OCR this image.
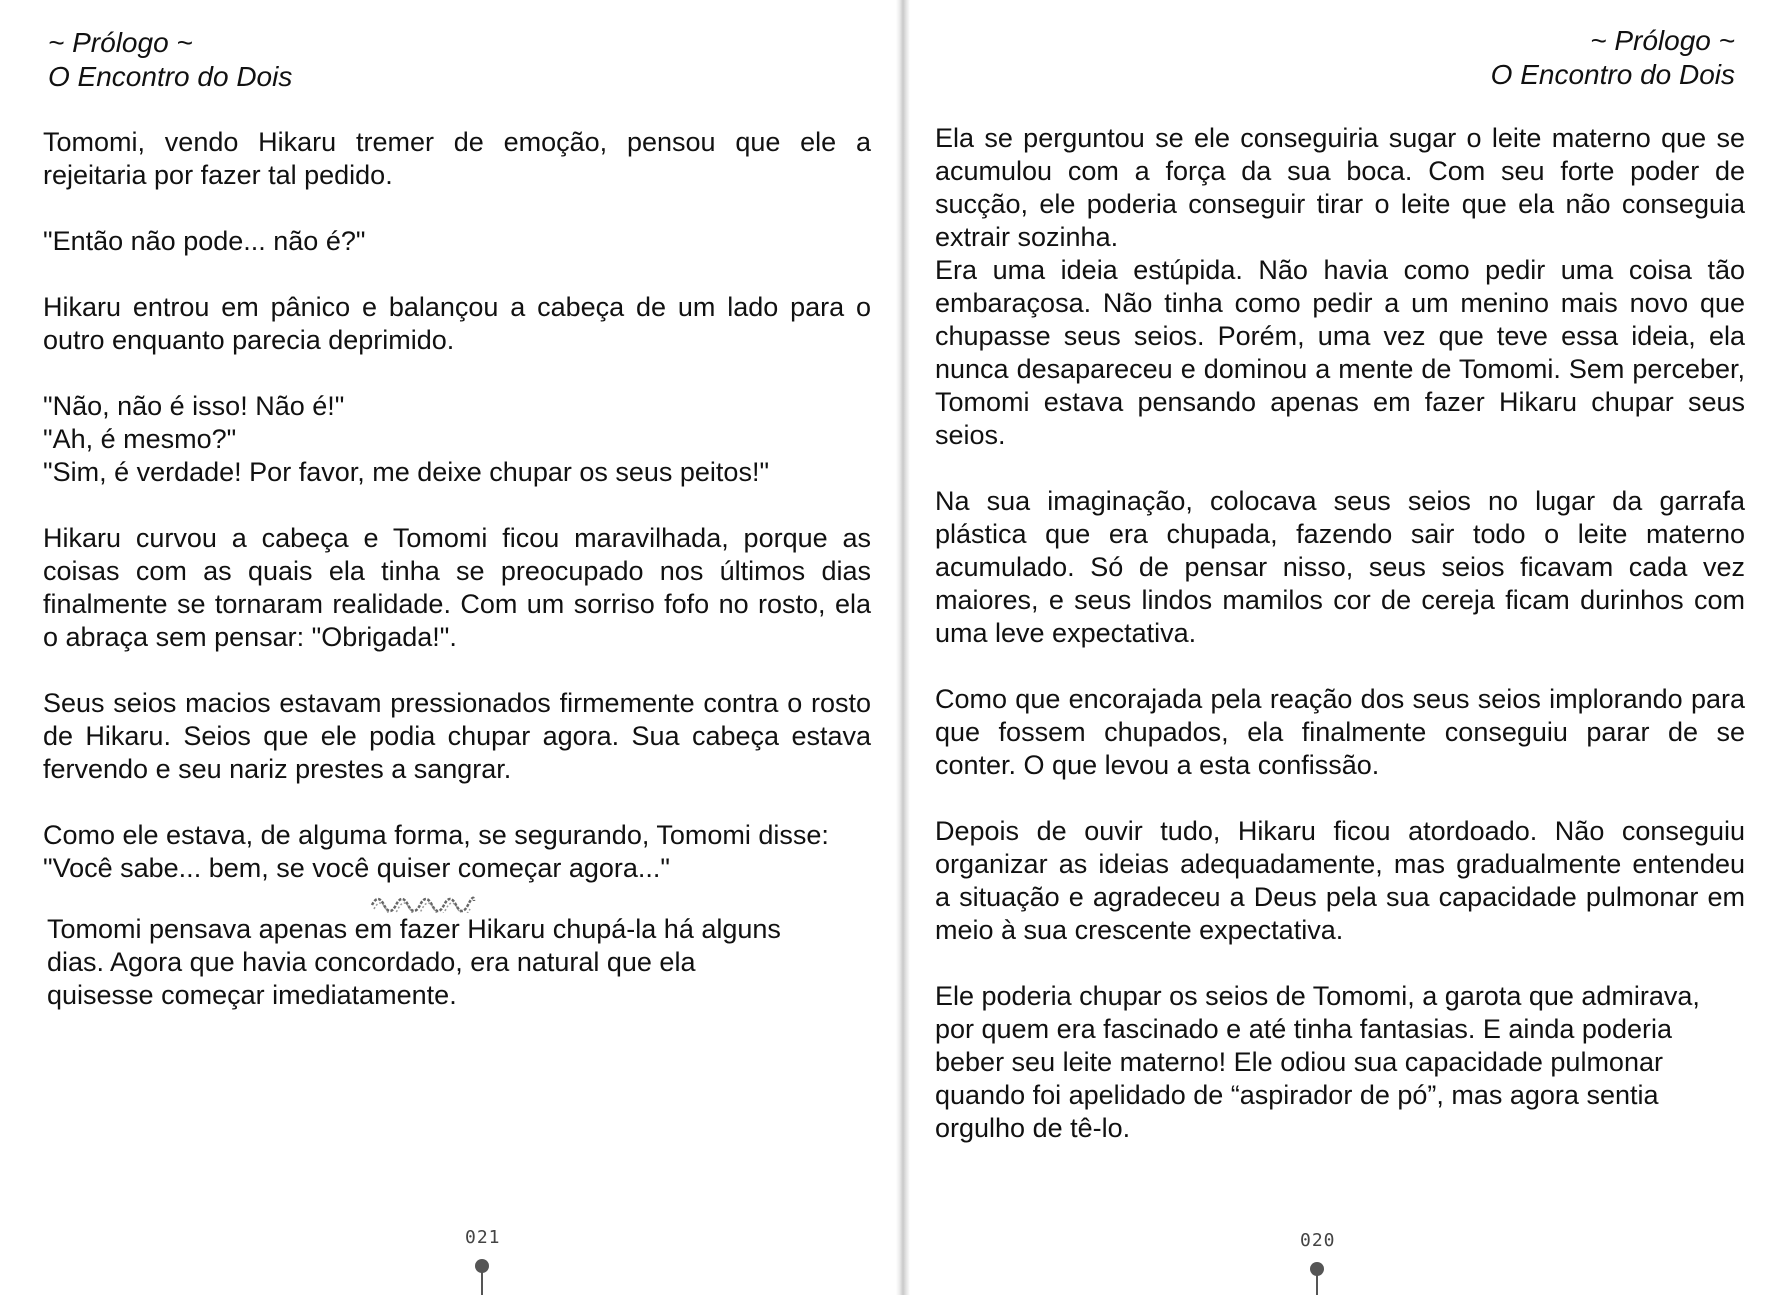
~ Prólogo ~
O Encontro do Dois

Tomomi, vendo Hikaru tremer de emoção, pensou que ele a rejeitaria por fazer tal pedido.

"Então não pode... não é?"

Hikaru entrou em pânico e balançou a cabeça de um lado para o outro enquanto parecia deprimido.

"Não, não é isso! Não é!"

"Ah, é mesmo?"

"Sim, é verdade! Por favor, me deixe chupar os seus peitos!"

Hikaru curvou a cabeça e Tomomi ficou maravilhada, porque as coisas com as quais ela tinha se preocupado nos últimos dias finalmente se tornaram realidade. Com um sorriso fofo no rosto, ela o abraça sem pensar: "Obrigada!".

Seus seios macios estavam pressionados firmemente contra o rosto de Hikaru. Seios que ele podia chupar agora. Sua cabeça estava fervendo e seu nariz prestes a sangrar.

Como ele estava, de alguma forma, se segurando, Tomomi disse:

"Você sabe... bem, se você quiser começar agora..."

Tomomi pensava apenas em fazer Hikaru chupá-la há alguns
dias. Agora que havia concordado, era natural que ela
quisesse começar imediatamente.
021
~ Prólogo ~
O Encontro do Dois

Ela se perguntou se ele conseguiria sugar o leite materno que se acumulou com a força da sua boca. Com seu forte poder de sucção, ele poderia conseguir tirar o leite que ela não conseguia extrair sozinha.

Era uma ideia estúpida. Não havia como pedir uma coisa tão embaraçosa. Não tinha como pedir a um menino mais novo que chupasse seus seios. Porém, uma vez que teve essa ideia, ela nunca desapareceu e dominou a mente de Tomomi. Sem perceber, Tomomi estava pensando apenas em fazer Hikaru chupar seus seios.

Na sua imaginação, colocava seus seios no lugar da garrafa plástica que era chupada, fazendo sair todo o leite materno acumulado. Só de pensar nisso, seus seios ficavam cada vez maiores, e seus lindos mamilos cor de cereja ficam durinhos com uma leve expectativa.

Como que encorajada pela reação dos seus seios implorando para que fossem chupados, ela finalmente conseguiu parar de se conter. O que levou a esta confissão.

Depois de ouvir tudo, Hikaru ficou atordoado. Não conseguiu organizar as ideias adequadamente, mas gradualmente entendeu a situação e agradeceu a Deus pela sua capacidade pulmonar em meio à sua crescente expectativa.

Ele poderia chupar os seios de Tomomi, a garota que admirava, por quem era fascinado e até tinha fantasias. E ainda poderia beber seu leite materno! Ele odiou sua capacidade pulmonar quando foi apelidado de “aspirador de pó”, mas agora sentia orgulho de tê-lo.

020
